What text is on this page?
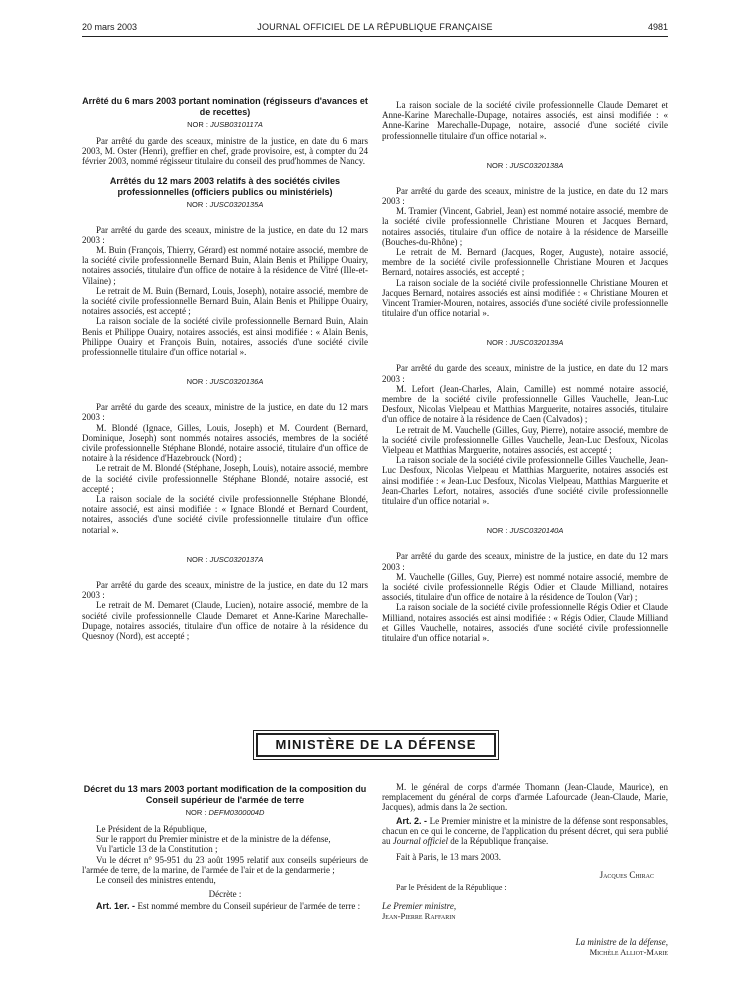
20 mars 2003	JOURNAL OFFICIEL DE LA RÉPUBLIQUE FRANÇAISE	4981
Arrêté du 6 mars 2003 portant nomination (régisseurs d'avances et de recettes)
NOR : JUSB0310117A

Par arrêté du garde des sceaux, ministre de la justice, en date du 6 mars 2003, M. Oster (Henri), greffier en chef, grade provisoire, est, à compter du 24 février 2003, nommé régisseur titulaire du conseil des prud'hommes de Nancy.

Arrêtés du 12 mars 2003 relatifs à des sociétés civiles professionnelles (officiers publics ou ministériels)
NOR : JUSC0320135A

Par arrêté du garde des sceaux, ministre de la justice, en date du 12 mars 2003 :

M. Buin (François, Thierry, Gérard) est nommé notaire associé, membre de la société civile professionnelle Bernard Buin, Alain Benis et Philippe Ouairy, notaires associés, titulaire d'un office de notaire à la résidence de Vitré (Ille-et-Vilaine) ;

Le retrait de M. Buin (Bernard, Louis, Joseph), notaire associé, membre de la société civile professionnelle Bernard Buin, Alain Benis et Philippe Ouairy, notaires associés, est accepté ;

La raison sociale de la société civile professionnelle Bernard Buin, Alain Benis et Philippe Ouairy, notaires associés, est ainsi modifiée : « Alain Benis, Philippe Ouairy et François Buin, notaires, associés d'une société civile professionnelle titulaire d'un office notarial ».

NOR : JUSC0320136A

Par arrêté du garde des sceaux, ministre de la justice, en date du 12 mars 2003 :

M. Blondé (Ignace, Gilles, Louis, Joseph) et M. Courdent (Bernard, Dominique, Joseph) sont nommés notaires associés, membres de la société civile professionnelle Stéphane Blondé, notaire associé, titulaire d'un office de notaire à la résidence d'Hazebrouck (Nord) ;

Le retrait de M. Blondé (Stéphane, Joseph, Louis), notaire associé, membre de la société civile professionnelle Stéphane Blondé, notaire associé, est accepté ;

La raison sociale de la société civile professionnelle Stéphane Blondé, notaire associé, est ainsi modifiée : « Ignace Blondé et Bernard Courdent, notaires, associés d'une société civile professionnelle titulaire d'un office notarial ».

NOR : JUSC0320137A

Par arrêté du garde des sceaux, ministre de la justice, en date du 12 mars 2003 :

Le retrait de M. Demaret (Claude, Lucien), notaire associé, membre de la société civile professionnelle Claude Demaret et Anne-Karine Marechalle-Dupage, notaires associés, titulaire d'un office de notaire à la résidence du Quesnoy (Nord), est accepté ;

La raison sociale de la société civile professionnelle Claude Demaret et Anne-Karine Marechalle-Dupage, notaires associés, est ainsi modifiée : « Anne-Karine Marechalle-Dupage, notaire, associé d'une société civile professionnelle titulaire d'un office notarial ».

NOR : JUSC0320138A

Par arrêté du garde des sceaux, ministre de la justice, en date du 12 mars 2003 :

M. Tramier (Vincent, Gabriel, Jean) est nommé notaire associé, membre de la société civile professionnelle Christiane Mouren et Jacques Bernard, notaires associés, titulaire d'un office de notaire à la résidence de Marseille (Bouches-du-Rhône) ;

Le retrait de M. Bernard (Jacques, Roger, Auguste), notaire associé, membre de la société civile professionnelle Christiane Mouren et Jacques Bernard, notaires associés, est accepté ;

La raison sociale de la société civile professionnelle Christiane Mouren et Jacques Bernard, notaires associés est ainsi modifiée : « Christiane Mouren et Vincent Tramier-Mouren, notaires, associés d'une société civile professionnelle titulaire d'un office notarial ».

NOR : JUSC0320139A

Par arrêté du garde des sceaux, ministre de la justice, en date du 12 mars 2003 :

M. Lefort (Jean-Charles, Alain, Camille) est nommé notaire associé, membre de la société civile professionnelle Gilles Vauchelle, Jean-Luc Desfoux, Nicolas Vielpeau et Matthias Marguerite, notaires associés, titulaire d'un office de notaire à la résidence de Caen (Calvados) ;

Le retrait de M. Vauchelle (Gilles, Guy, Pierre), notaire associé, membre de la société civile professionnelle Gilles Vauchelle, Jean-Luc Desfoux, Nicolas Vielpeau et Matthias Marguerite, notaires associés, est accepté ;

La raison sociale de la société civile professionnelle Gilles Vauchelle, Jean-Luc Desfoux, Nicolas Vielpeau et Matthias Marguerite, notaires associés est ainsi modifiée : « Jean-Luc Desfoux, Nicolas Vielpeau, Matthias Marguerite et Jean-Charles Lefort, notaires, associés d'une société civile professionnelle titulaire d'un office notarial ».

NOR : JUSC0320140A

Par arrêté du garde des sceaux, ministre de la justice, en date du 12 mars 2003 :

M. Vauchelle (Gilles, Guy, Pierre) est nommé notaire associé, membre de la société civile professionnelle Régis Odier et Claude Milliand, notaires associés, titulaire d'un office de notaire à la résidence de Toulon (Var) ;

La raison sociale de la société civile professionnelle Régis Odier et Claude Milliand, notaires associés est ainsi modifiée : « Régis Odier, Claude Milliand et Gilles Vauchelle, notaires, associés d'une société civile professionnelle titulaire d'un office notarial ».

MINISTÈRE DE LA DÉFENSE
Décret du 13 mars 2003 portant modification de la composition du Conseil supérieur de l'armée de terre
NOR : DEFM0300004D

Le Président de la République,

Sur le rapport du Premier ministre et de la ministre de la défense,

Vu l'article 13 de la Constitution ;

Vu le décret n° 95-951 du 23 août 1995 relatif aux conseils supérieurs de l'armée de terre, de la marine, de l'armée de l'air et de la gendarmerie ;

Le conseil des ministres entendu,

Décrète :

Art. 1er. - Est nommé membre du Conseil supérieur de l'armée de terre :

M. le général de corps d'armée Thomann (Jean-Claude, Maurice), en remplacement du général de corps d'armée Lafourcade (Jean-Claude, Marie, Jacques), admis dans la 2e section.

Art. 2. - Le Premier ministre et la ministre de la défense sont responsables, chacun en ce qui le concerne, de l'application du présent décret, qui sera publié au Journal officiel de la République française.

Fait à Paris, le 13 mars 2003.

Jacques Chirac

Par le Président de la République :

Le Premier ministre,

Jean-Pierre Raffarin

La ministre de la défense,

Michèle Alliot-Marie
